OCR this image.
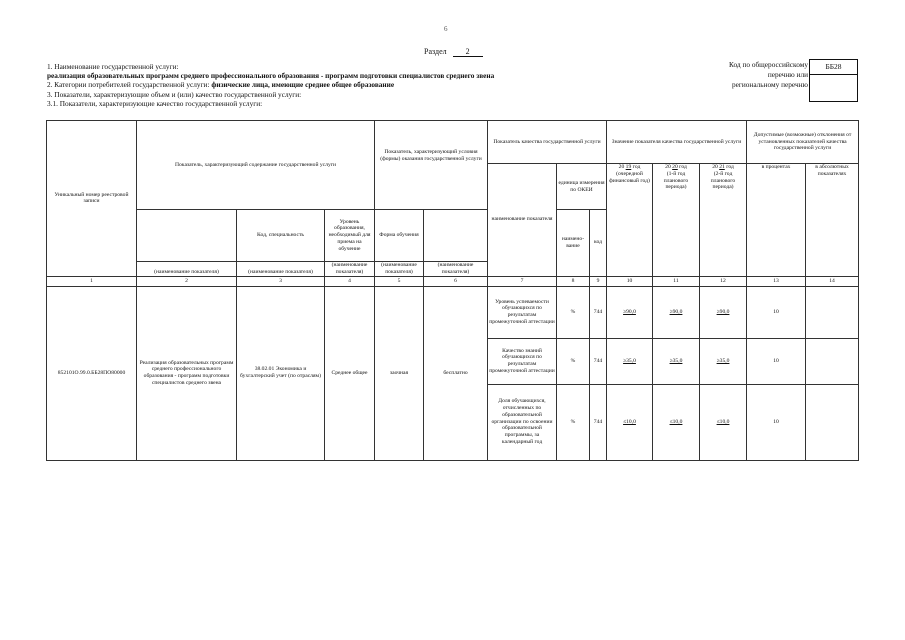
6
Раздел 2
1. Наименование государственной услуги:
реализация образовательных программ среднего профессионального образования - программ подготовки специалистов среднего звена
2. Категории потребителей государственной услуги: физические лица, имеющие среднее общее образование
3. Показатели, характеризующие объем и (или) качество государственной услуги:
3.1. Показатели, характеризующие качество государственной услуги:
Код по общероссийскому
перечню или
региональному перечню
ББ28
Уникальный номер реестровой записи	Показатель, характеризующий содержание государственной услуги			Показатель, характеризующий условия (формы) оказания государственной услуги		Показатель качества государственной услуги			Значение показателя качества государственной услуги			Допустимые (возможные) отклонения от установленных показателей качества государственной услуги	
						наименование показателя	единица измерения по ОКЕИ		20 19 год
(очередной финансовый год)	20 20 год
(1-й год планового периода)	20 21 год
(2-й год планового периода)	в процентах	в абсолютных показателях
		Код, специальность	Уровень образования, необходимый для приема на обучение	Форма обучения			наимено-вание	код					
	(наименование показателя)	(наименование показателя)	(наименование показателя)	(наименование показателя)	(наименование показателя)								
1	2	3	4	5	6	7	8	9	10	11	12	13	14
852101О.99.0.ББ28ПО80000	Реализация образовательных программ среднего профессионального образования - программ подготовки специалистов среднего звена	38.02.01 Экономика и бухгалтерский учет (по отраслям)	Среднее общее	заочная	бесплатно	Уровень успеваемости обучающихся по результатам промежуточной аттестации	%	744	≥90,0	≥90,0	≥90,0	10	
						Качество знаний обучающихся по результатам промежуточной аттестации	%	744	≥35,0	≥35,0	≥35,0	10	
						Доля обучающихся, отчисленных по образовательной организации по освоении образовательной программы, за календарный год	%	744	≤10,0	≤10,0	≤10,0	10	
